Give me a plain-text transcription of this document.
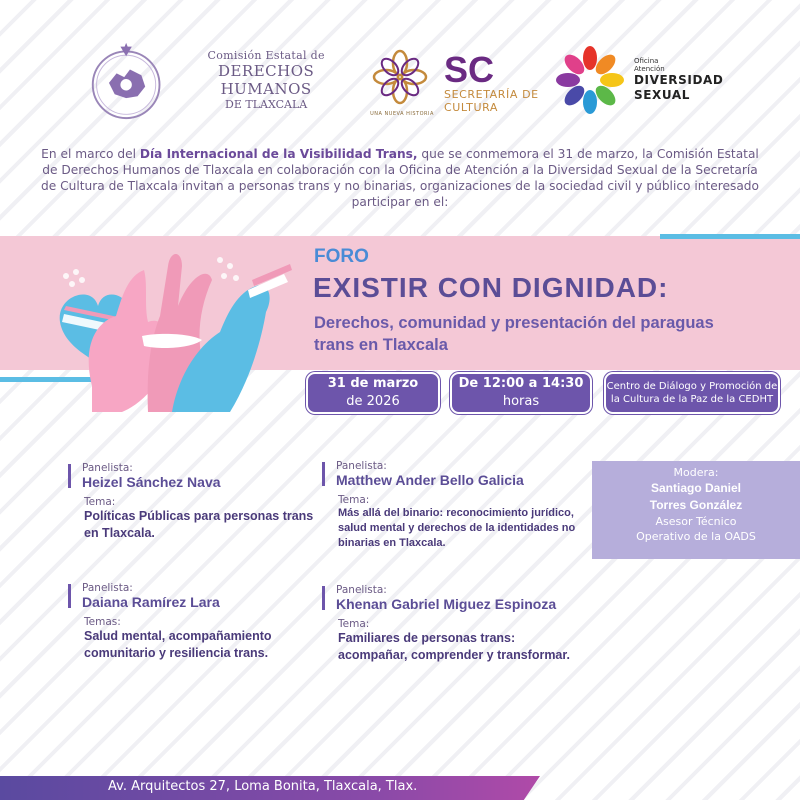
Comisión Estatal de
DERECHOS HUMANOS
DE TLAXCALA
UNA NUEVA HISTORIA
SC
SECRETARÍA DE
CULTURA
Oficina
Atención
DIVERSIDAD
SEXUAL

En el marco del Día Internacional de la Visibilidad Trans, que se conmemora el 31 de marzo, la Comisión Estatal de Derechos Humanos de Tlaxcala en colaboración con la Oficina de Atención a la Diversidad Sexual de la Secretaría de Cultura de Tlaxcala invitan a personas trans y no binarias, organizaciones de la sociedad civil y público interesado participar en el:

FORO
EXISTIR CON DIGNIDAD:
Derechos, comunidad y presentación del paraguas trans en Tlaxcala
31 de marzo
de 2026
De 12:00 a 14:30
horas
Centro de Diálogo y Promoción de la Cultura de la Paz de la CEDHT
Panelista:
Heizel Sánchez Nava
Tema:
Políticas Públicas para personas trans en Tlaxcala.
Panelista:
Matthew Ander Bello Galicia
Tema:
Más allá del binario: reconocimiento jurídico, salud mental y derechos de la identidades no binarias en Tlaxcala.
Panelista:
Daiana Ramírez Lara
Temas:
Salud mental, acompañamiento comunitario y resiliencia trans.
Panelista:
Khenan Gabriel Miguez Espinoza
Tema:
Familiares de personas trans: acompañar, comprender y transformar.
Modera:
Santiago Daniel
Torres González
Asesor Técnico
Operativo de la OADS
Av. Arquitectos 27, Loma Bonita, Tlaxcala, Tlax.
